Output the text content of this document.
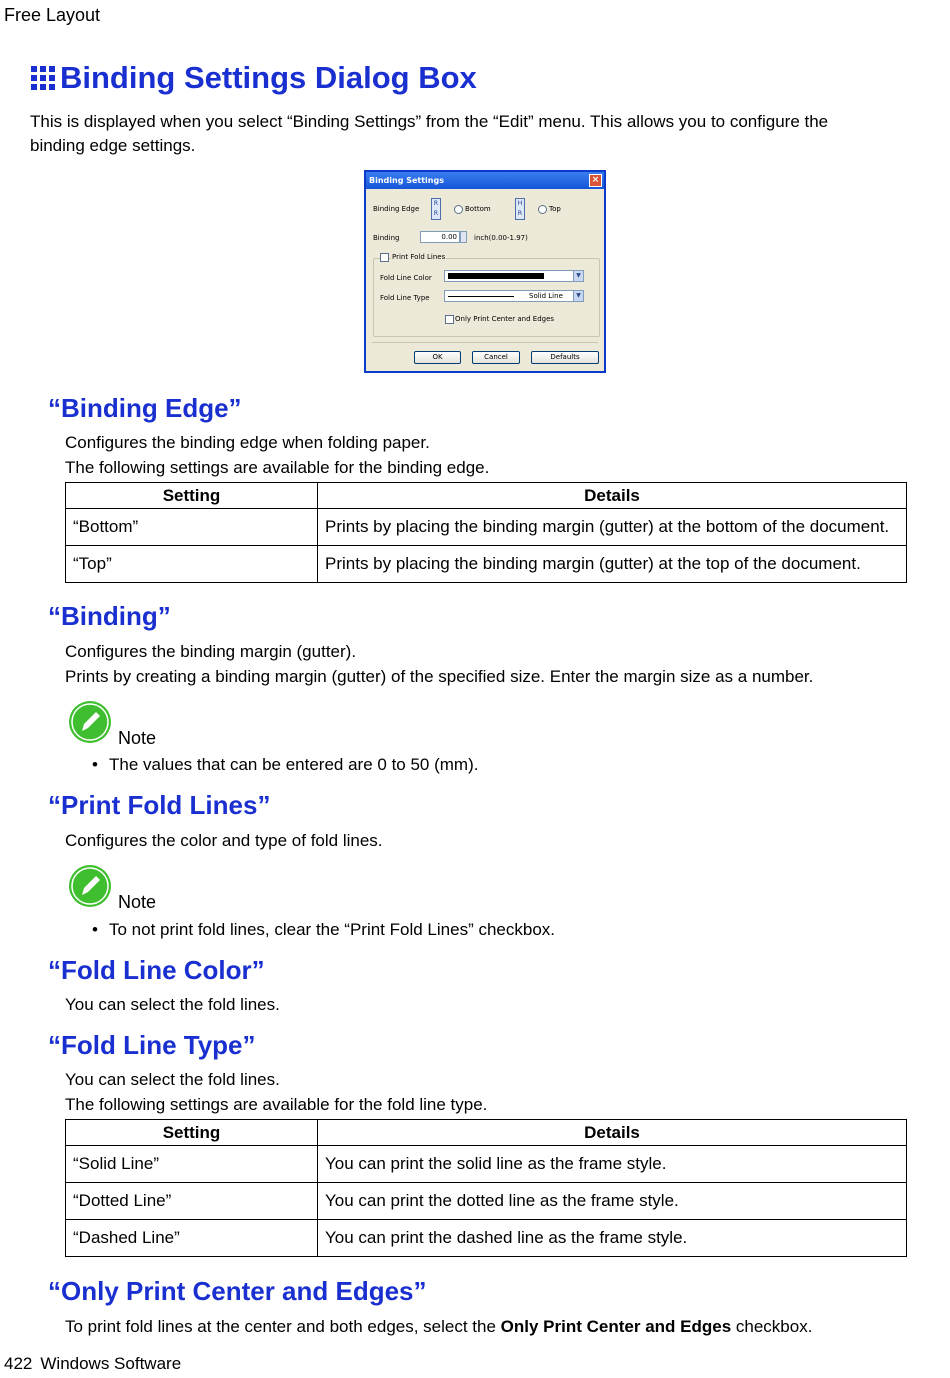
Free Layout
Binding Settings Dialog Box
This is displayed when you select “Binding Settings” from the “Edit” menu. This allows you to configure the
binding edge settings.
Binding Settings	×
Binding Edge
R
R
Bottom
H
R
Top
Binding	0.00	inch(0.00-1.97)
Print Fold Lines
Fold Line Color	▼
Fold Line Type	Solid Line	▼
Only Print Center and Edges
OK	Cancel	Defaults
“Binding Edge”
Configures the binding edge when folding paper.
The following settings are available for the binding edge.
Setting	Details
“Bottom”	Prints by placing the binding margin (gutter) at the bottom of the document.
“Top”	Prints by placing the binding margin (gutter) at the top of the document.
“Binding”
Configures the binding margin (gutter).
Prints by creating a binding margin (gutter) of the specified size. Enter the margin size as a number.
Note
• The values that can be entered are 0 to 50 (mm).
“Print Fold Lines”
Configures the color and type of fold lines.
Note
• To not print fold lines, clear the “Print Fold Lines” checkbox.
“Fold Line Color”
You can select the fold lines.
“Fold Line Type”
You can select the fold lines.
The following settings are available for the fold line type.
Setting	Details
“Solid Line”	You can print the solid line as the frame style.
“Dotted Line”	You can print the dotted line as the frame style.
“Dashed Line”	You can print the dashed line as the frame style.
“Only Print Center and Edges”
To print fold lines at the center and both edges, select the Only Print Center and Edges checkbox.
422 Windows Software
